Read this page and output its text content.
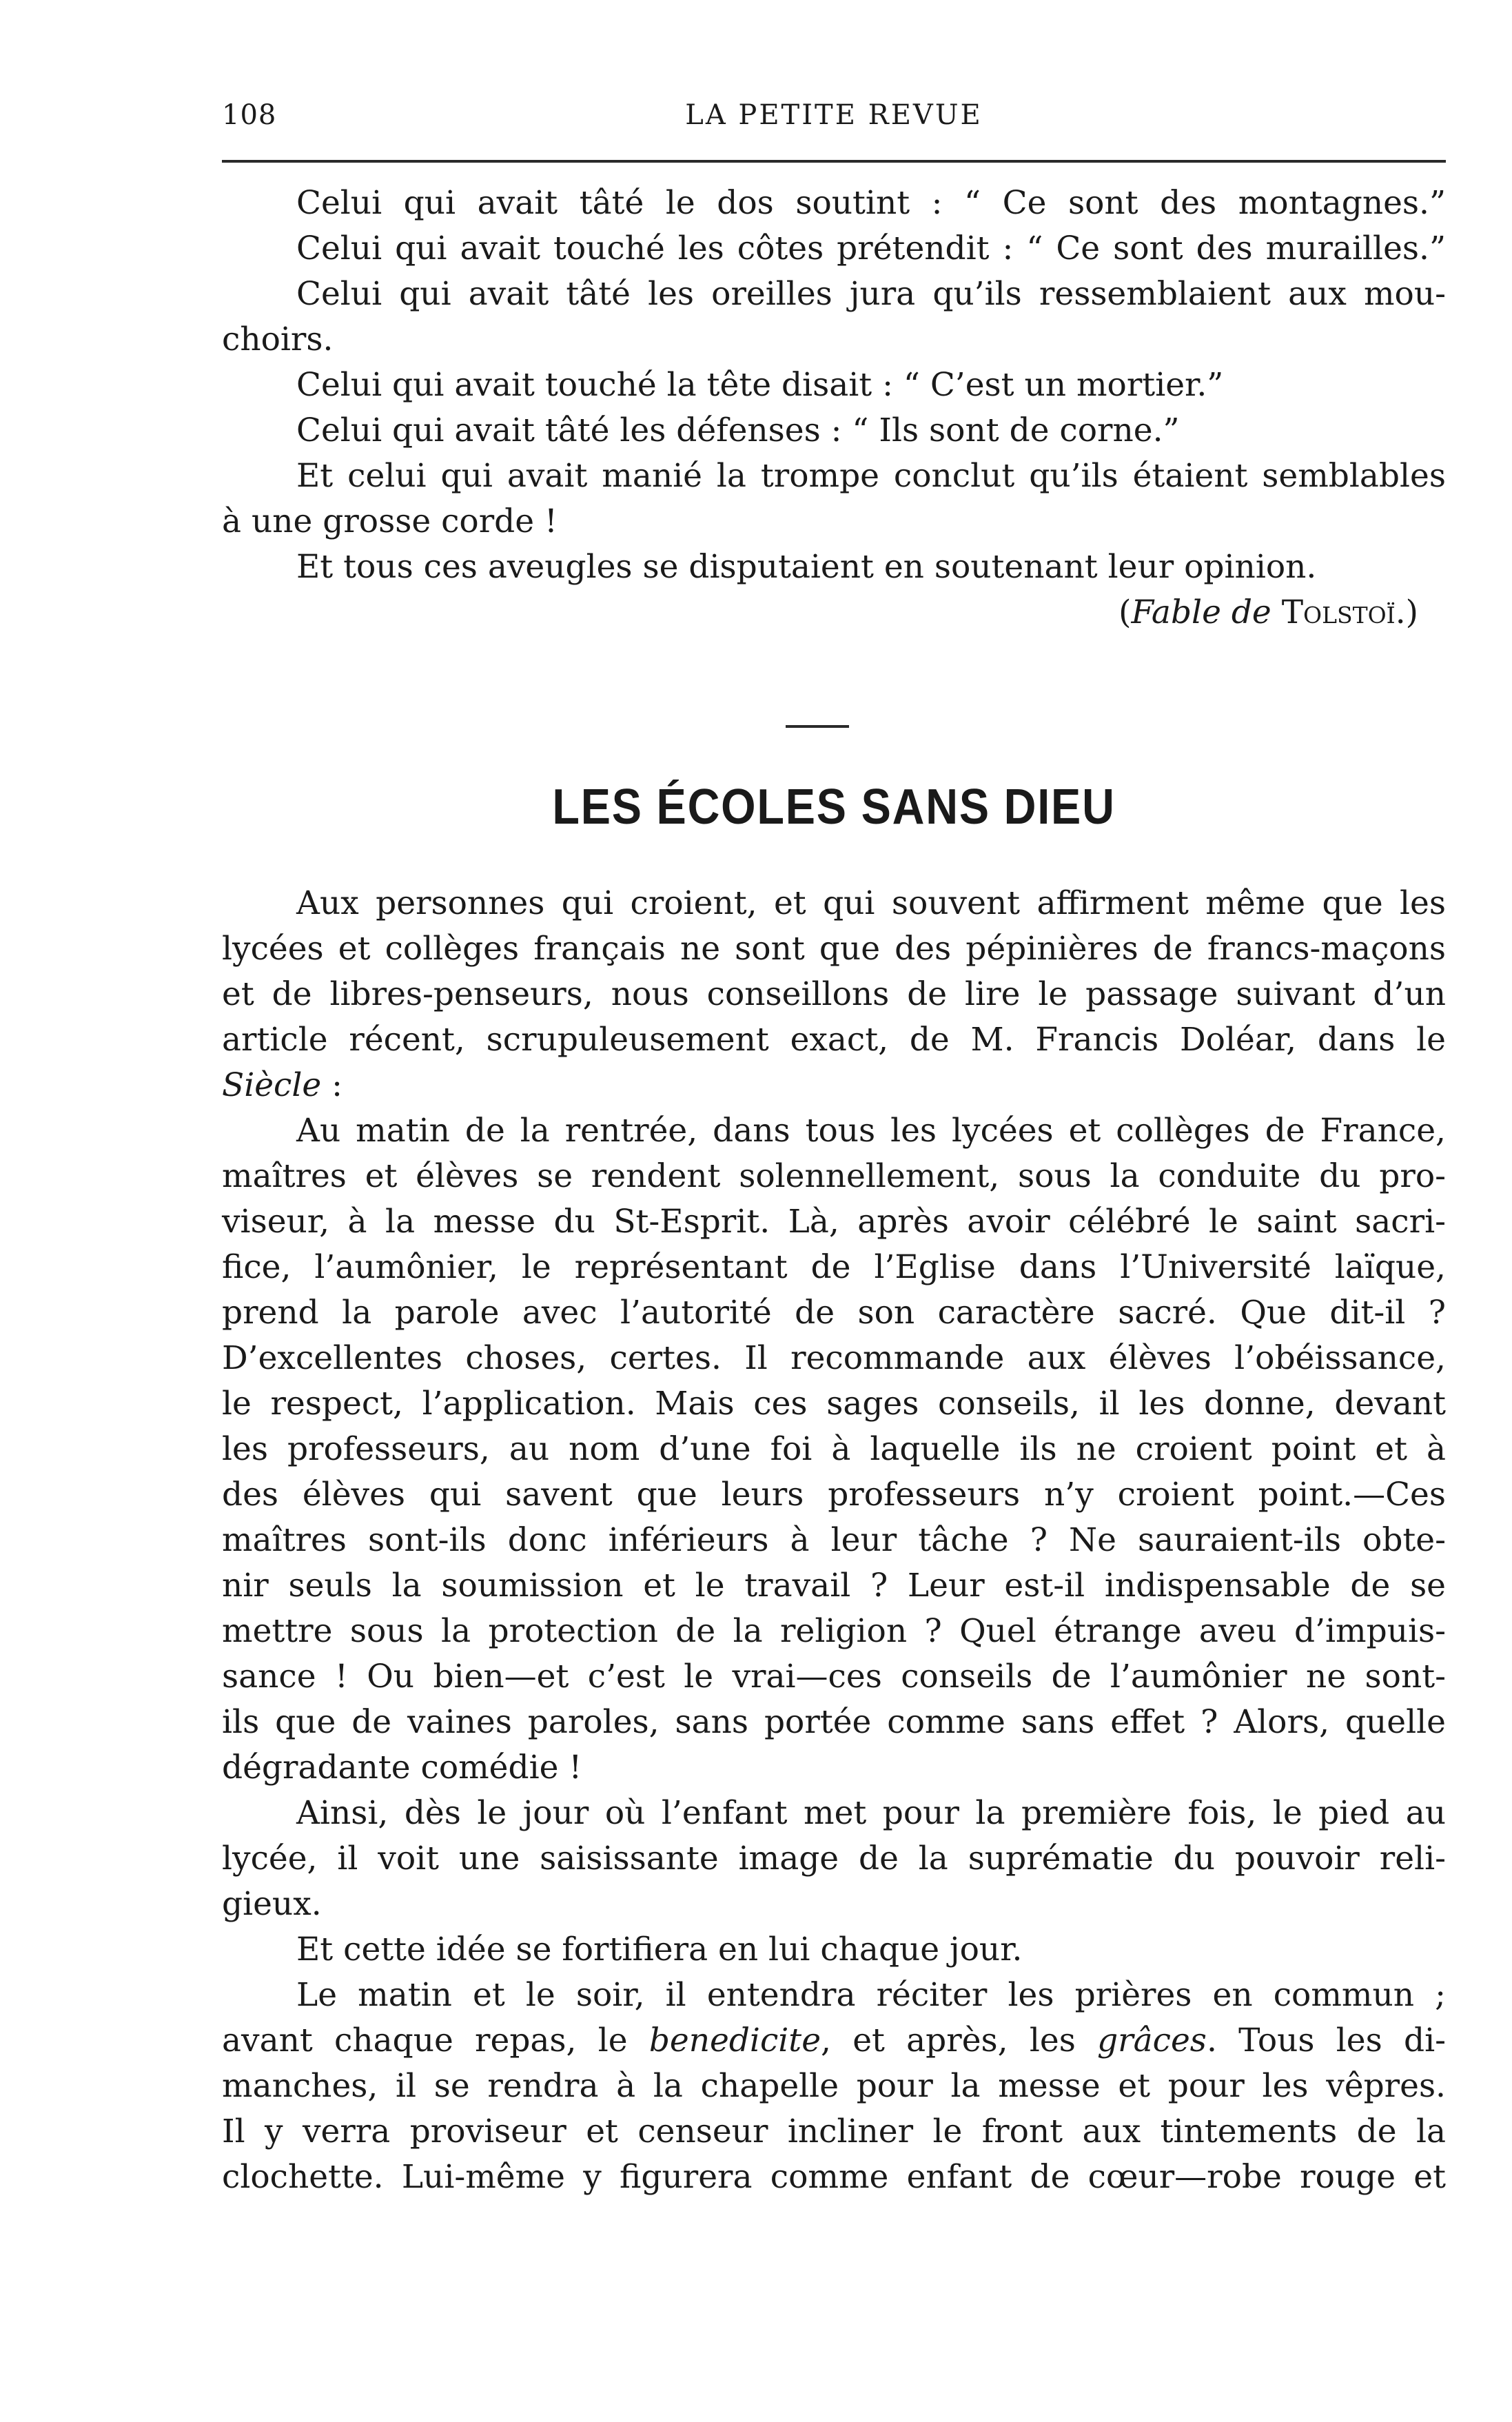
108	LA PETITE REVUE
Celui qui avait tâté le dos soutint : “ Ce sont des montagnes.”
Celui qui avait touché les côtes prétendit : “ Ce sont des murailles.”
Celui qui avait tâté les oreilles jura qu’ils ressemblaient aux mou-
choirs.
Celui qui avait touché la tête disait : “ C’est un mortier.”
Celui qui avait tâté les défenses : “ Ils sont de corne.”
Et celui qui avait manié la trompe conclut qu’ils étaient semblables
à une grosse corde !
Et tous ces aveugles se disputaient en soutenant leur opinion.
(Fable de Tolstoï.)
LES ÉCOLES SANS DIEU
Aux personnes qui croient, et qui souvent affirment même que les
lycées et collèges français ne sont que des pépinières de francs-maçons
et de libres-penseurs, nous conseillons de lire le passage suivant d’un
article récent, scrupuleusement exact, de M. Francis Doléar, dans le
Siècle :
Au matin de la rentrée, dans tous les lycées et collèges de France,
maîtres et élèves se rendent solennellement, sous la conduite du pro-
viseur, à la messe du St-Esprit. Là, après avoir célébré le saint sacri-
fice, l’aumônier, le représentant de l’Eglise dans l’Université laïque,
prend la parole avec l’autorité de son caractère sacré. Que dit-il ?
D’excellentes choses, certes. Il recommande aux élèves l’obéissance,
le respect, l’application. Mais ces sages conseils, il les donne, devant
les professeurs, au nom d’une foi à laquelle ils ne croient point et à
des élèves qui savent que leurs professeurs n’y croient point.—Ces
maîtres sont-ils donc inférieurs à leur tâche ? Ne sauraient-ils obte-
nir seuls la soumission et le travail ? Leur est-il indispensable de se
mettre sous la protection de la religion ? Quel étrange aveu d’impuis-
sance ! Ou bien—et c’est le vrai—ces conseils de l’aumônier ne sont-
ils que de vaines paroles, sans portée comme sans effet ? Alors, quelle
dégradante comédie !
Ainsi, dès le jour où l’enfant met pour la première fois, le pied au
lycée, il voit une saisissante image de la suprématie du pouvoir reli-
gieux.
Et cette idée se fortifiera en lui chaque jour.
Le matin et le soir, il entendra réciter les prières en commun ;
avant chaque repas, le benedicite, et après, les grâces. Tous les di-
manches, il se rendra à la chapelle pour la messe et pour les vêpres.
Il y verra proviseur et censeur incliner le front aux tintements de la
clochette. Lui-même y figurera comme enfant de cœur—robe rouge et
